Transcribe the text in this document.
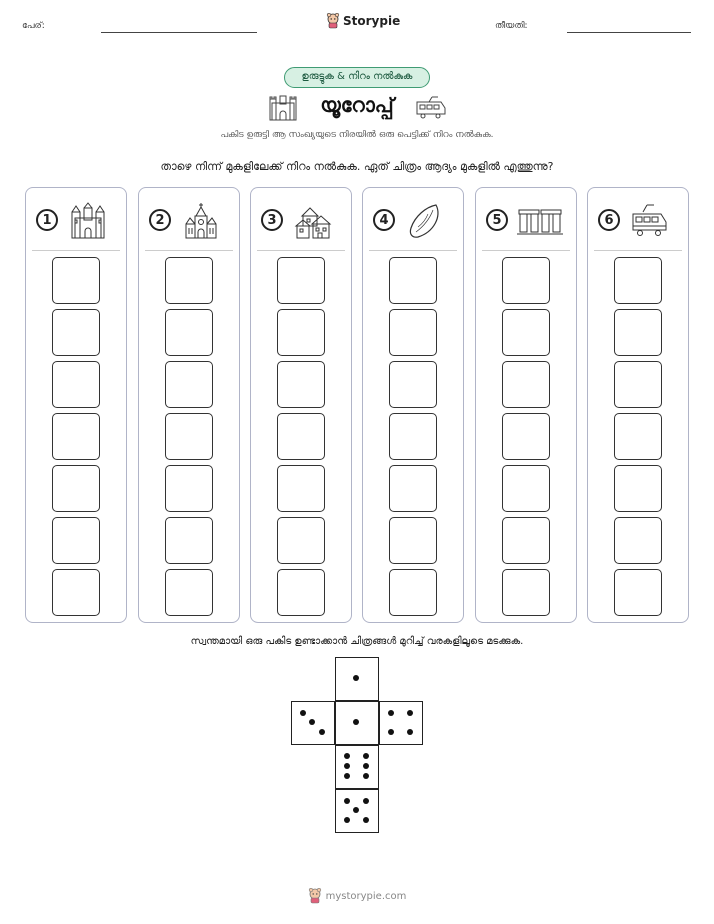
പേര്:	Storypie	തീയതി:
ഉരുട്ടുക & നിറം നൽകുക
യൂറോപ്പ്
പകിട ഉരുട്ടി ആ സംഖ്യയുടെ നിരയിൽ ഒരു പെട്ടിക്ക് നിറം നൽകുക.
താഴെ നിന്ന് മുകളിലേക്ക് നിറം നൽകുക. ഏത് ചിത്രം ആദ്യം മുകളിൽ എത്തുന്നു?
1	2	3	4	5	6
സ്വന്തമായി ഒരു പകിട ഉണ്ടാക്കാൻ ചിത്രങ്ങൾ മുറിച്ച് വരകളിലൂടെ മടക്കുക.
mystorypie.com
